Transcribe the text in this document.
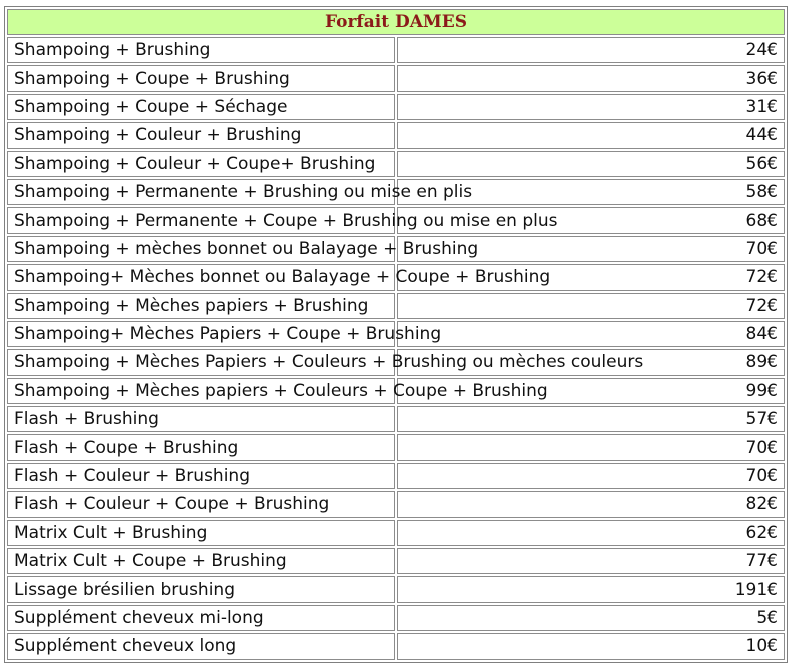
Forfait DAMES	
Shampoing + Brushing	24€
Shampoing + Coupe + Brushing	36€
Shampoing + Coupe + Séchage	31€
Shampoing + Couleur + Brushing	44€
Shampoing + Couleur + Coupe+ Brushing	56€
Shampoing + Permanente + Brushing ou mise en plis	58€
Shampoing + Permanente + Coupe + Brushing ou mise en plus	68€
Shampoing + mèches bonnet ou Balayage + Brushing	70€
Shampoing+ Mèches bonnet ou Balayage + Coupe + Brushing	72€
Shampoing + Mèches papiers + Brushing	72€
Shampoing+ Mèches Papiers + Coupe + Brushing	84€
Shampoing + Mèches Papiers + Couleurs + Brushing ou mèches couleurs	89€
Shampoing + Mèches papiers + Couleurs + Coupe + Brushing	99€
Flash + Brushing	57€
Flash + Coupe + Brushing	70€
Flash + Couleur + Brushing	70€
Flash + Couleur + Coupe + Brushing	82€
Matrix Cult + Brushing	62€
Matrix Cult + Coupe + Brushing	77€
Lissage brésilien brushing	191€
Supplément cheveux mi-long	5€
Supplément cheveux long	10€
